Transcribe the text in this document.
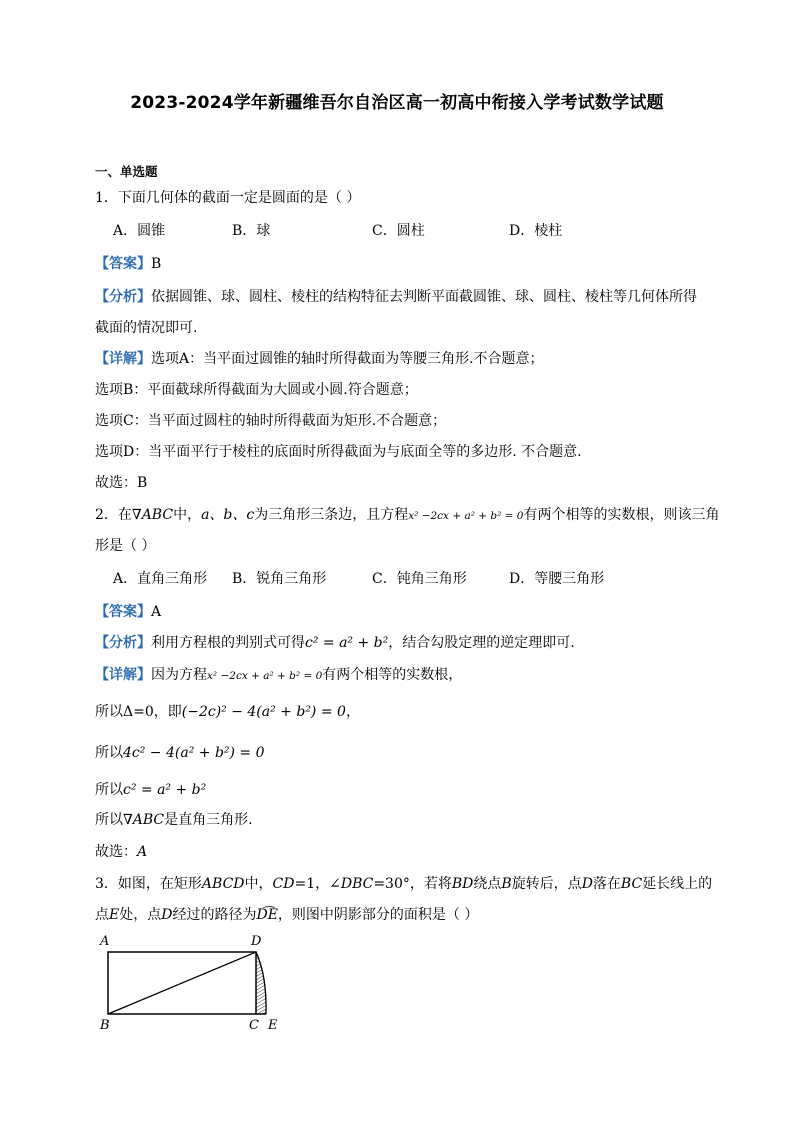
2023-2024学年新疆维吾尔自治区高一初高中衔接入学考试数学试题
一、单选题
1．下面几何体的截面一定是圆面的是（ ）
A．圆锥	B．球	C．圆柱	D．棱柱
【答案】B
【分析】依据圆锥、球、圆柱、棱柱的结构特征去判断平面截圆锥、球、圆柱、棱柱等几何体所得
截面的情况即可.
【详解】选项A：当平面过圆锥的轴时所得截面为等腰三角形.不合题意；
选项B：平面截球所得截面为大圆或小圆.符合题意；
选项C：当平面过圆柱的轴时所得截面为矩形.不合题意；
选项D：当平面平行于棱柱的底面时所得截面为与底面全等的多边形. 不合题意.
故选：B
2．在∇ABC中，a、b、c为三角形三条边，且方程x² −2cx + a² + b² = 0有两个相等的实数根，则该三角
形是（ ）
A．直角三角形 B．锐角三角形	C．钝角三角形	D．等腰三角形
【答案】A
【分析】利用方程根的判别式可得c² = a² + b²，结合勾股定理的逆定理即可.
【详解】因为方程x² −2cx + a² + b² = 0有两个相等的实数根，
所以Δ=0，即(−2c)² − 4(a² + b²) = 0，
所以4c² − 4(a² + b²) = 0
所以c² = a² + b²
所以∇ABC是直角三角形.
故选：A
3．如图，在矩形ABCD中，CD=1，∠DBC=30°，若将BD绕点B旋转后，点D落在BC延长线上的
点E处，点D经过的路径为D͡E，则图中阴影部分的面积是（ ）
A	D
B	C E
